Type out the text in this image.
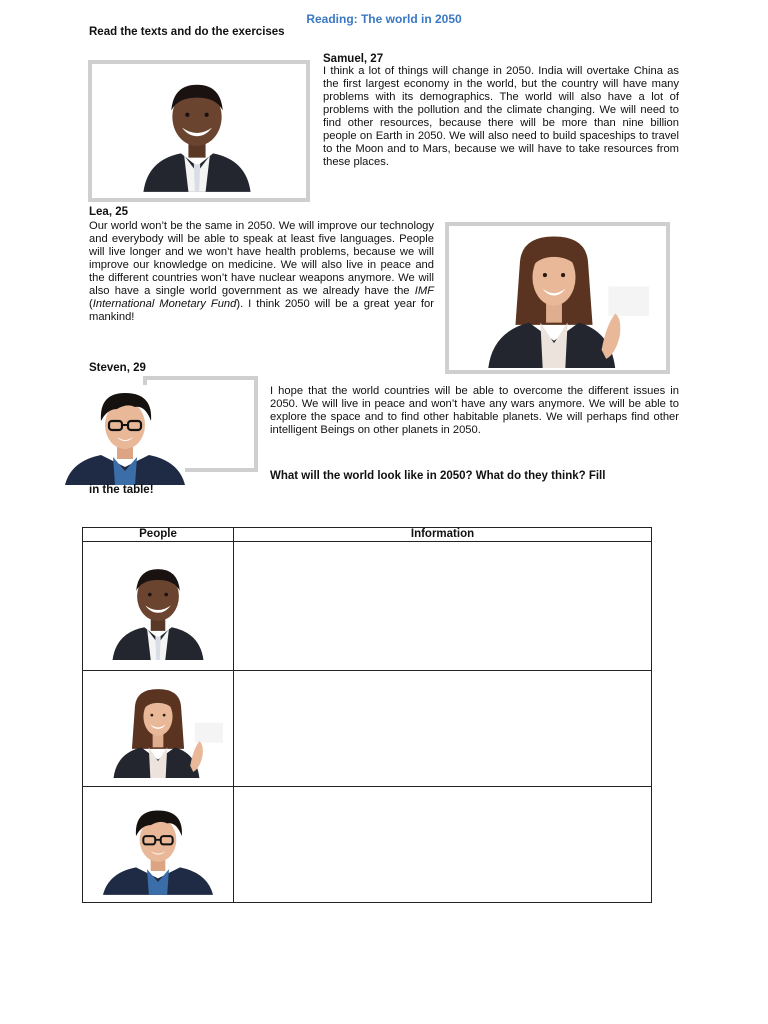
Reading: The world in 2050
Read the texts and do the exercises
Samuel, 27

I think a lot of things will change in 2050. India will overtake China as the first largest economy in the world, but the country will have many problems with its demographics. The world will also have a lot of problems with the pollution and the climate changing. We will need to find other resources, because there will be more than nine billion people on Earth in 2050. We will also need to build spaceships to travel to the Moon and to Mars, because we will have to take resources from these places.

Lea, 25

Our world won’t be the same in 2050. We will improve our technology and everybody will be able to speak at least five languages. People will live longer and we won’t have health problems, because we will improve our knowledge on medicine. We will also live in peace and the different countries won’t have nuclear weapons anymore. We will also have a single world government as we already have the IMF (International Monetary Fund). I think 2050 will be a great year for mankind!

Steven, 29

I hope that the world countries will be able to overcome the different issues in 2050. We will live in peace and won’t have any wars anymore. We will be able to explore the space and to find other habitable planets. We will perhaps find other intelligent Beings on other planets in 2050.

What will the world look like in 2050? What do they think? Fill
in the table!
People	Information
